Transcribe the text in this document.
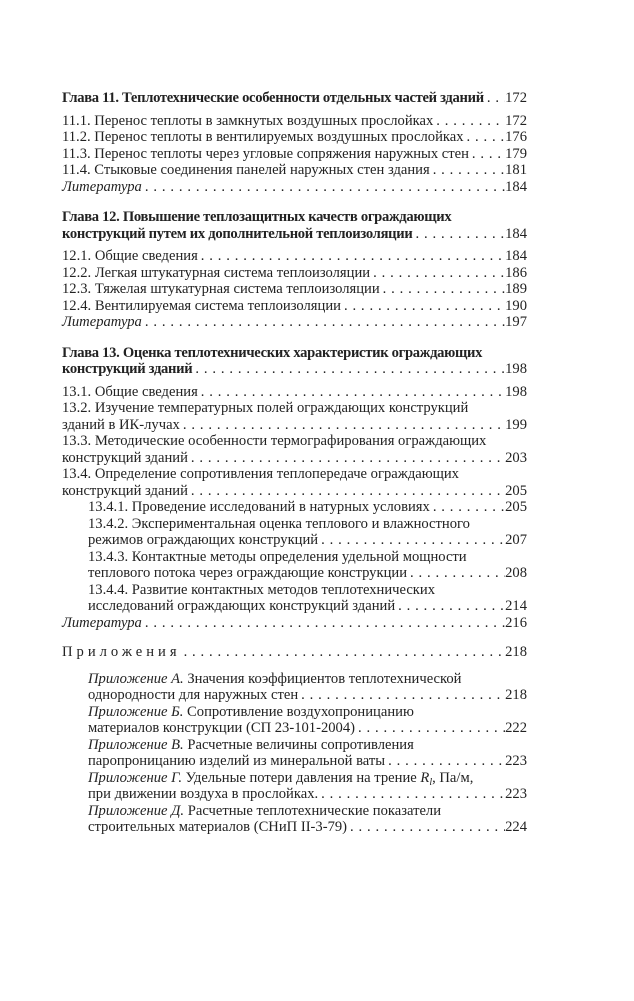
Глава 11. Теплотехнические особенности отдельных частей зданий . . . 172
11.1. Перенос теплоты в замкнутых воздушных прослойках . . .	172
11.2. Перенос теплоты в вентилируемых воздушных прослойках . . .	176
11.3. Перенос теплоты через угловые сопряжения наружных стен . . . 179
11.4. Стыковые соединения панелей наружных стен здания . . .	181
Литература . . .	184
Глава 12. Повышение теплозащитных качеств ограждающих
конструкций путем их дополнительной теплоизоляции . . .	184
12.1. Общие сведения . . .	184
12.2. Легкая штукатурная система теплоизоляции . . .	186
12.3. Тяжелая штукатурная система теплоизоляции . . .	189
12.4. Вентилируемая система теплоизоляции . . .	190
Литература . . .	197
Глава 13. Оценка теплотехнических характеристик ограждающих
конструкций зданий . . .	198
13.1. Общие сведения . . .	198
13.2. Изучение температурных полей ограждающих конструкций
зданий в ИК-лучах . . .	199
13.3. Методические особенности термографирования ограждающих
конструкций зданий . . .	203
13.4. Определение сопротивления теплопередаче ограждающих
конструкций зданий . . .	205
13.4.1. Проведение исследований в натурных условиях . . .	205
13.4.2. Экспериментальная оценка теплового и влажностного
режимов ограждающих конструкций . . .	207
13.4.3. Контактные методы определения удельной мощности
теплового потока через ограждающие конструкции . . .	208
13.4.4. Развитие контактных методов теплотехнических
исследований ограждающих конструкций зданий . . .	214
Литература . . .	216
Приложения . . .	218
Приложение А. Значения коэффициентов теплотехнической
однородности для наружных стен . . .	218
Приложение Б. Сопротивление воздухопроницанию
материалов конструкции (СП 23-101-2004) . . .	222
Приложение В. Расчетные величины сопротивления
паропроницанию изделий из минеральной ваты . . .	223
Приложение Г. Удельные потери давления на трение $R_l$, Па/м,
при движении воздуха в прослойках. . . .	223
Приложение Д. Расчетные теплотехнические показатели
строительных материалов (СНиП II-3-79) . . .	224
